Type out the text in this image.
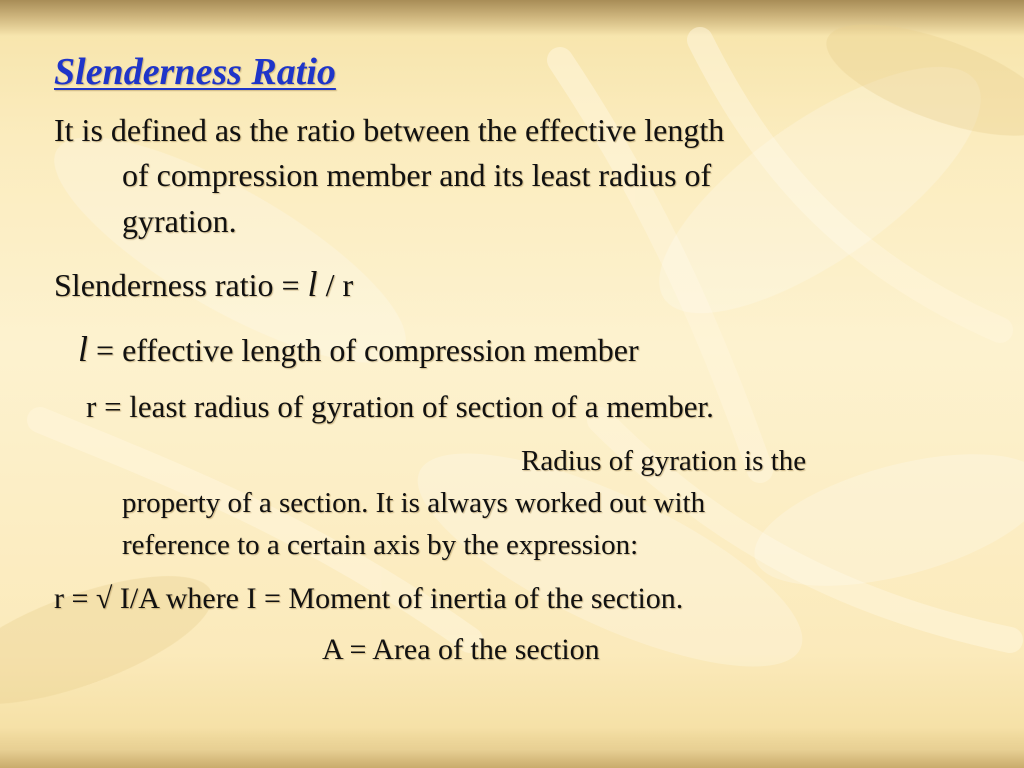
Slenderness Ratio

It is defined as the ratio between the effective length

of compression member and its least radius of

gyration.

Slenderness ratio = l / r

l = effective length of compression member

r = least radius of gyration of section of a member.

Radius of gyration is the

property of a section. It is always worked out with

reference to a certain axis by the expression:

r = √ I/A where I = Moment of inertia of the section.

A = Area of the section
